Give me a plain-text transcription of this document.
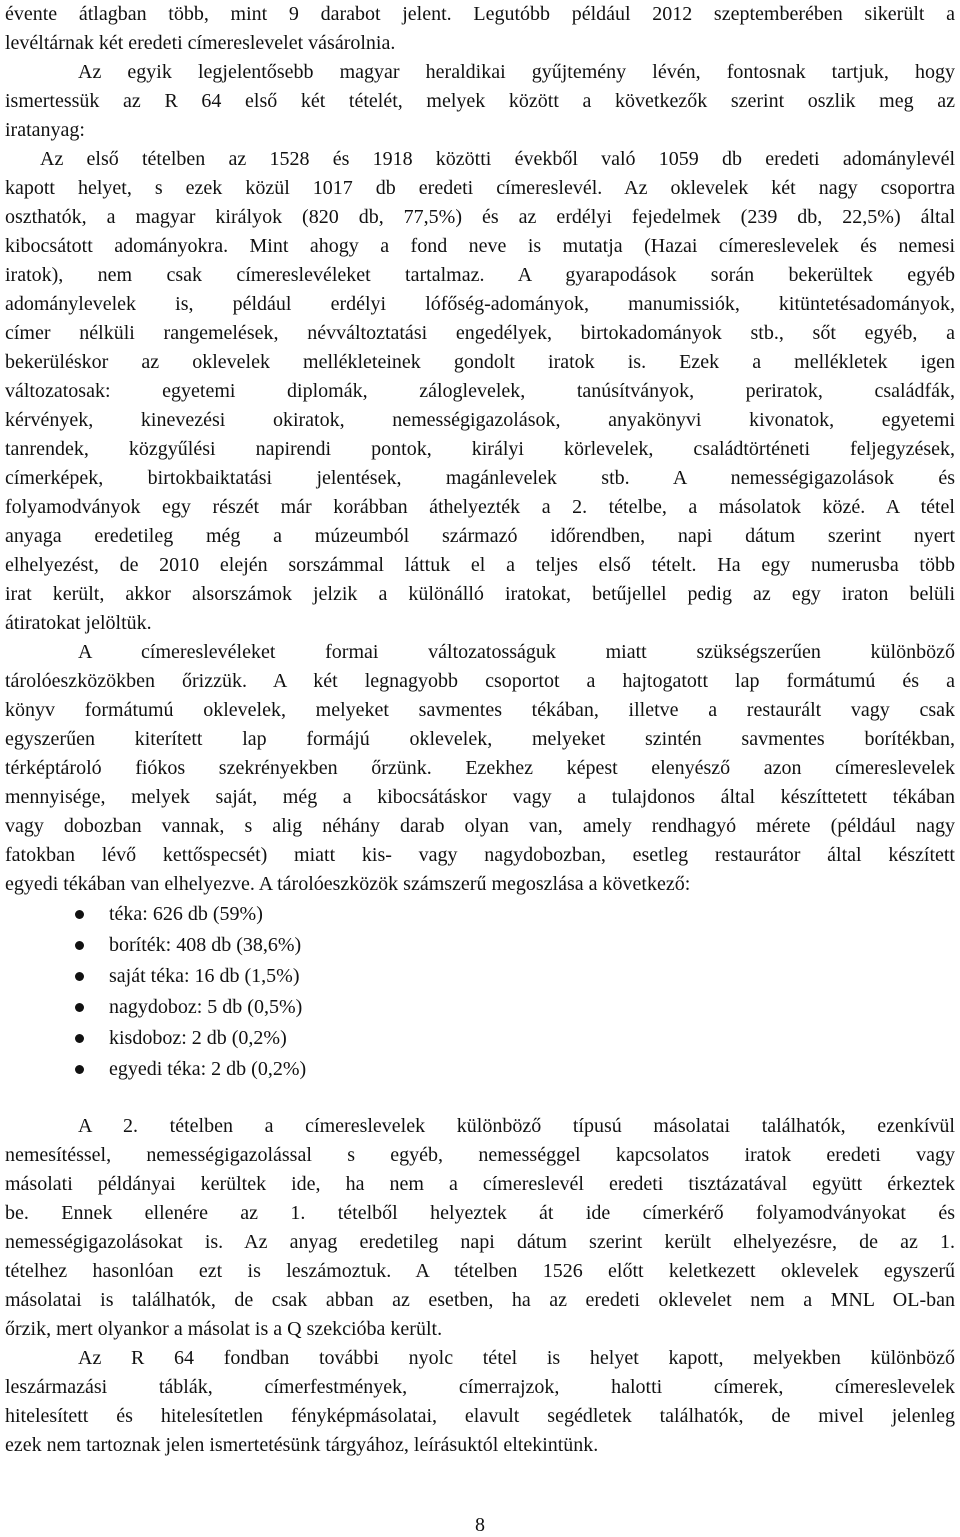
évente átlagban több, mint 9 darabot jelent. Legutóbb például 2012 szeptemberében sikerült a
levéltárnak két eredeti címereslevelet vásárolnia.
Az egyik legjelentősebb magyar heraldikai gyűjtemény lévén, fontosnak tartjuk, hogy
ismertessük az R 64 első két tételét, melyek között a következők szerint oszlik meg az
iratanyag:
Az első tételben az 1528 és 1918 közötti évekből való 1059 db eredeti adománylevél
kapott helyet, s ezek közül 1017 db eredeti címereslevél. Az oklevelek két nagy csoportra
oszthatók, a magyar királyok (820 db, 77,5%) és az erdélyi fejedelmek (239 db, 22,5%) által
kibocsátott adományokra. Mint ahogy a fond neve is mutatja (Hazai címereslevelek és nemesi
iratok), nem csak címereslevéleket tartalmaz. A gyarapodások során bekerültek egyéb
adománylevelek is, például erdélyi lófőség-adományok, manumissiók, kitüntetésadományok,
címer nélküli rangemelések, névváltoztatási engedélyek, birtokadományok stb., sőt egyéb, a
bekerüléskor az oklevelek mellékleteinek gondolt iratok is. Ezek a mellékletek igen
változatosak: egyetemi diplomák, záloglevelek, tanúsítványok, periratok, családfák,
kérvények, kinevezési okiratok, nemességigazolások, anyakönyvi kivonatok, egyetemi
tanrendek, közgyűlési napirendi pontok, királyi körlevelek, családtörténeti feljegyzések,
címerképek, birtokbaiktatási jelentések, magánlevelek stb. A nemességigazolások és
folyamodványok egy részét már korábban áthelyezték a 2. tételbe, a másolatok közé. A tétel
anyaga eredetileg még a múzeumból származó időrendben, napi dátum szerint nyert
elhelyezést, de 2010 elején sorszámmal láttuk el a teljes első tételt. Ha egy numerusba több
irat került, akkor alsorszámok jelzik a különálló iratokat, betűjellel pedig az egy iraton belüli
átiratokat jelöltük.
A címereslevéleket formai változatosságuk miatt szükségszerűen különböző
tárolóeszközökben őrizzük. A két legnagyobb csoportot a hajtogatott lap formátumú és a
könyv formátumú oklevelek, melyeket savmentes tékában, illetve a restaurált vagy csak
egyszerűen kiterített lap formájú oklevelek, melyeket szintén savmentes borítékban,
térképtároló fiókos szekrényekben őrzünk. Ezekhez képest elenyésző azon címereslevelek
mennyisége, melyek saját, még a kibocsátáskor vagy a tulajdonos által készíttetett tékában
vagy dobozban vannak, s alig néhány darab olyan van, amely rendhagyó mérete (például nagy
fatokban lévő kettőspecsét) miatt kis- vagy nagydobozban, esetleg restaurátor által készített
egyedi tékában van elhelyezve. A tárolóeszközök számszerű megoszlása a következő:
téka: 626 db (59%)
boríték: 408 db (38,6%)
saját téka: 16 db (1,5%)
nagydoboz: 5 db (0,5%)
kisdoboz: 2 db (0,2%)
egyedi téka: 2 db (0,2%)
A 2. tételben a címereslevelek különböző típusú másolatai találhatók, ezenkívül
nemesítéssel, nemességigazolással s egyéb, nemességgel kapcsolatos iratok eredeti vagy
másolati példányai kerültek ide, ha nem a címereslevél eredeti tisztázatával együtt érkeztek
be. Ennek ellenére az 1. tételből helyeztek át ide címerkérő folyamodványokat és
nemességigazolásokat is. Az anyag eredetileg napi dátum szerint került elhelyezésre, de az 1.
tételhez hasonlóan ezt is leszámoztuk. A tételben 1526 előtt keletkezett oklevelek egyszerű
másolatai is találhatók, de csak abban az esetben, ha az eredeti oklevelet nem a MNL OL-ban
őrzik, mert olyankor a másolat is a Q szekcióba került.
Az R 64 fondban további nyolc tétel is helyet kapott, melyekben különböző
leszármazási táblák, címerfestmények, címerrajzok, halotti címerek, címereslevelek
hitelesített és hitelesítetlen fényképmásolatai, elavult segédletek találhatók, de mivel jelenleg
ezek nem tartoznak jelen ismertetésünk tárgyához, leírásuktól eltekintünk.
8
